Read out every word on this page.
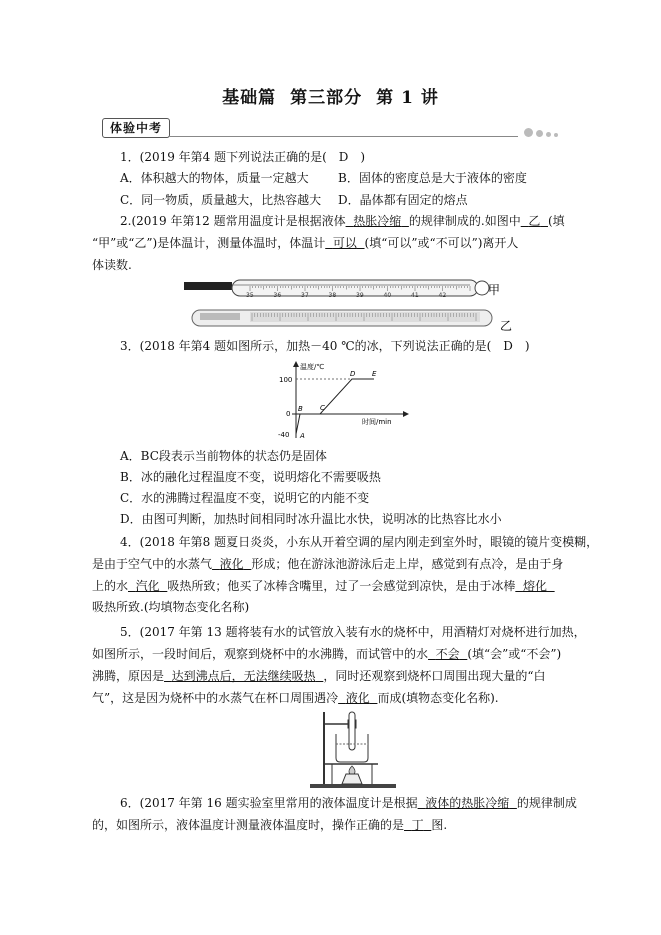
基础篇 第三部分 第 1 讲
体验中考
1．(2019 年第4 题下列说法正确的是(　D　)
A．体积越大的物体，质量一定越大 B．固体的密度总是大于液体的密度
C．同一物质，质量越大，比热容越大 D．晶体都有固定的熔点
2.(2019 年第12 题常用温度计是根据液体 热胀冷缩 的规律制成的.如图中 乙 (填
“甲”或“乙”)是体温计，测量体温时，体温计 可以 (填“可以”或“不可以”)离开人
体读数.
甲
乙
35	36	37	38	39	40	41	42
3．(2018 年第4 题如图所示，加热－40 ℃的冰，下列说法正确的是(　D　)
温度/℃
时间/min
100
0
-40 A
B C
D E
A．BC段表示当前物体的状态仍是固体
B．冰的融化过程温度不变，说明熔化不需要吸热
C．水的沸腾过程温度不变，说明它的内能不变
D．由图可判断，加热时间相同时冰升温比水快，说明冰的比热容比水小
4．(2018 年第8 题夏日炎炎，小东从开着空调的屋内刚走到室外时，眼镜的镜片变模糊，
是由于空气中的水蒸气 液化 形成；他在游泳池游泳后走上岸，感觉到有点冷，是由于身
上的水 汽化 吸热所致；他买了冰棒含嘴里，过了一会感觉到凉快，是由于冰棒 熔化
吸热所致.(均填物态变化名称)
5．(2017 年第 13 题将装有水的试管放入装有水的烧杯中，用酒精灯对烧杯进行加热，
如图所示，一段时间后，观察到烧杯中的水沸腾，而试管中的水 不会 (填“会”或“不会”)
沸腾，原因是 达到沸点后，无法继续吸热 ，同时还观察到烧杯口周围出现大量的“白
气”，这是因为烧杯中的水蒸气在杯口周围遇冷 液化 而成(填物态变化名称).
6．(2017 年第 16 题实验室里常用的液体温度计是根据 液体的热胀冷缩 的规律制成
的，如图所示，液体温度计测量液体温度时，操作正确的是 丁 图.
